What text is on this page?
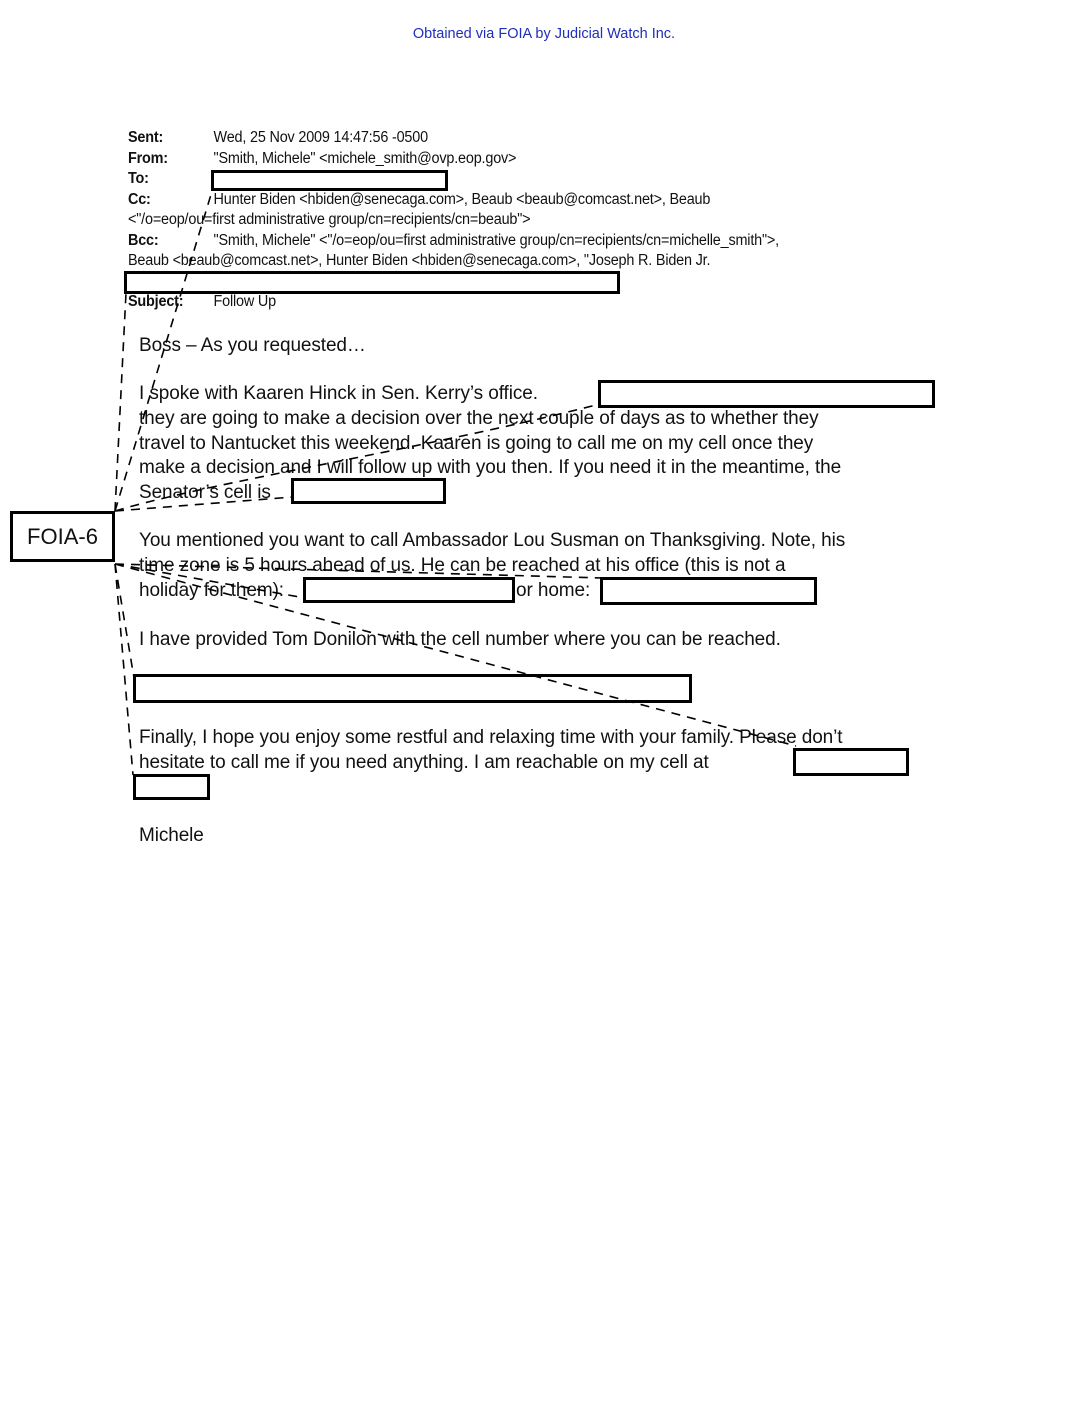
Obtained via FOIA by Judicial Watch Inc.
Sent:	Wed, 25 Nov 2009 14:47:56 -0500
From:	"Smith, Michele" <michele_smith@ovp.eop.gov>
To:
Cc:	Hunter Biden <hbiden@senecaga.com>, Beaub <beaub@comcast.net>, Beaub
<"/o=eop/ou=first administrative group/cn=recipients/cn=beaub">
Bcc:	"Smith, Michele" <"/o=eop/ou=first administrative group/cn=recipients/cn=michelle_smith">,
Beaub <beaub@comcast.net>, Hunter Biden <hbiden@senecaga.com>, "Joseph R. Biden Jr.
Subject: Follow Up
Boss – As you requested…
I spoke with Kaaren Hinck in Sen. Kerry’s office.
they are going to make a decision over the next couple of days as to whether they
travel to Nantucket this weekend. Kaaren is going to call me on my cell once they
make a decision and I will follow up with you then. If you need it in the meantime, the
Senator’s cell is
You mentioned you want to call Ambassador Lou Susman on Thanksgiving. Note, his
time zone is 5 hours ahead of us. He can be reached at his office (this is not a
holiday for them):	or home:
I have provided Tom Donilon with the cell number where you can be reached.
Finally, I hope you enjoy some restful and relaxing time with your family. Please don’t
hesitate to call me if you need anything. I am reachable on my cell at
Michele
FOIA-6
